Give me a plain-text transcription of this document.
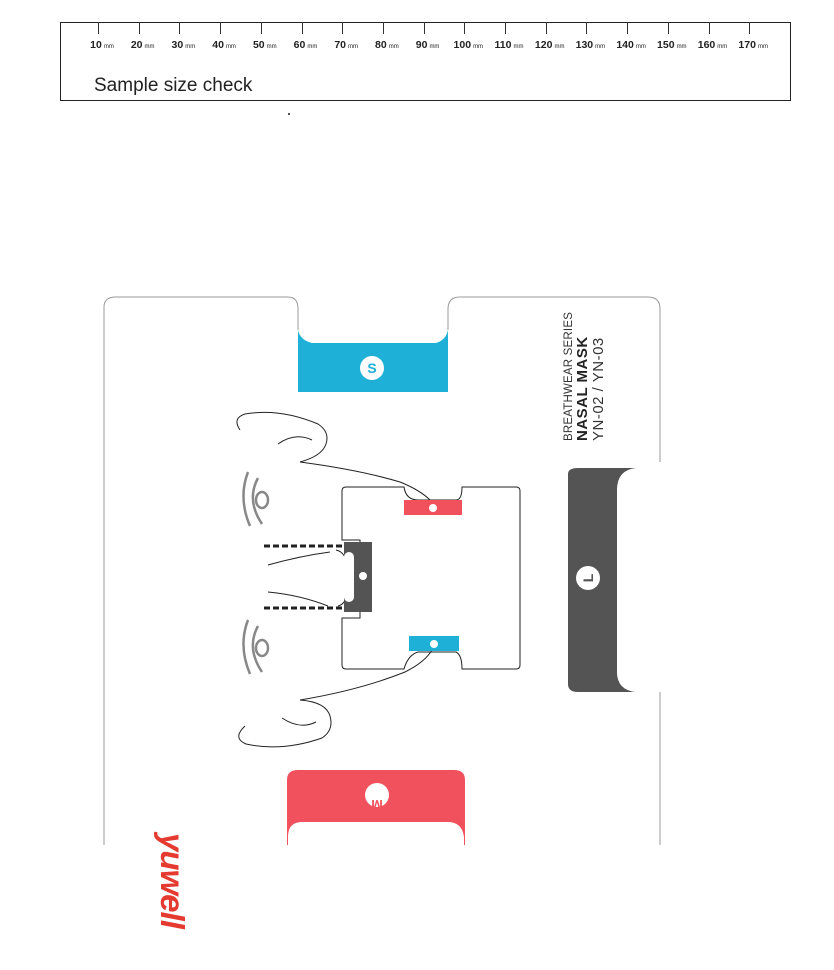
10 mm 20 mm 30 mm 40 mm 50 mm 60 mm 70 mm 80 mm 90 mm 100 mm 110 mm 120 mm 130 mm 140 mm 150 mm 160 mm 170 mm
Sample size check
S
L
M
BREATHWEAR SERIES NASAL MASK
YN-02 / YN-03
yuwell
